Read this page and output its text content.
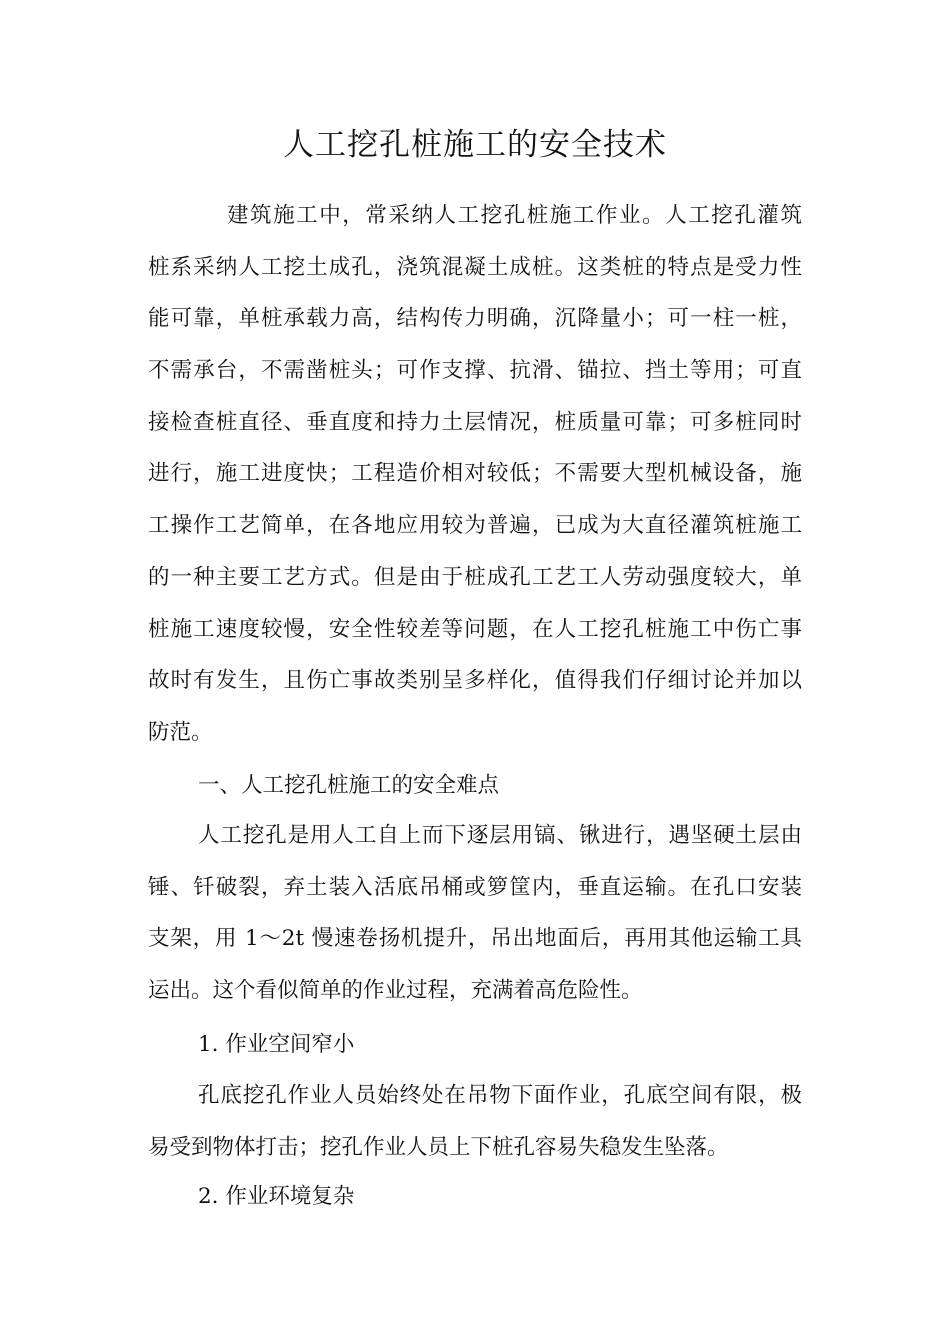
人工挖孔桩施工的安全技术
建筑施工中，常采纳人工挖孔桩施工作业。人工挖孔灌筑
桩系采纳人工挖土成孔，浇筑混凝土成桩。这类桩的特点是受力性
能可靠，单桩承载力高，结构传力明确，沉降量小；可一柱一桩，
不需承台，不需凿桩头；可作支撑、抗滑、锚拉、挡土等用；可直
接检查桩直径、垂直度和持力土层情况，桩质量可靠；可多桩同时
进行，施工进度快；工程造价相对较低；不需要大型机械设备，施
工操作工艺简单，在各地应用较为普遍，已成为大直径灌筑桩施工
的一种主要工艺方式。但是由于桩成孔工艺工人劳动强度较大，单
桩施工速度较慢，安全性较差等问题，在人工挖孔桩施工中伤亡事
故时有发生，且伤亡事故类别呈多样化，值得我们仔细讨论并加以
防范。
一、人工挖孔桩施工的安全难点
人工挖孔是用人工自上而下逐层用镐、锹进行，遇坚硬土层由
锤、钎破裂，弃土装入活底吊桶或箩筐内，垂直运输。在孔口安装
支架，用 1～2t 慢速卷扬机提升，吊出地面后，再用其他运输工具
运出。这个看似简单的作业过程，充满着高危险性。
1. 作业空间窄小
孔底挖孔作业人员始终处在吊物下面作业，孔底空间有限，极
易受到物体打击；挖孔作业人员上下桩孔容易失稳发生坠落。
2. 作业环境复杂
